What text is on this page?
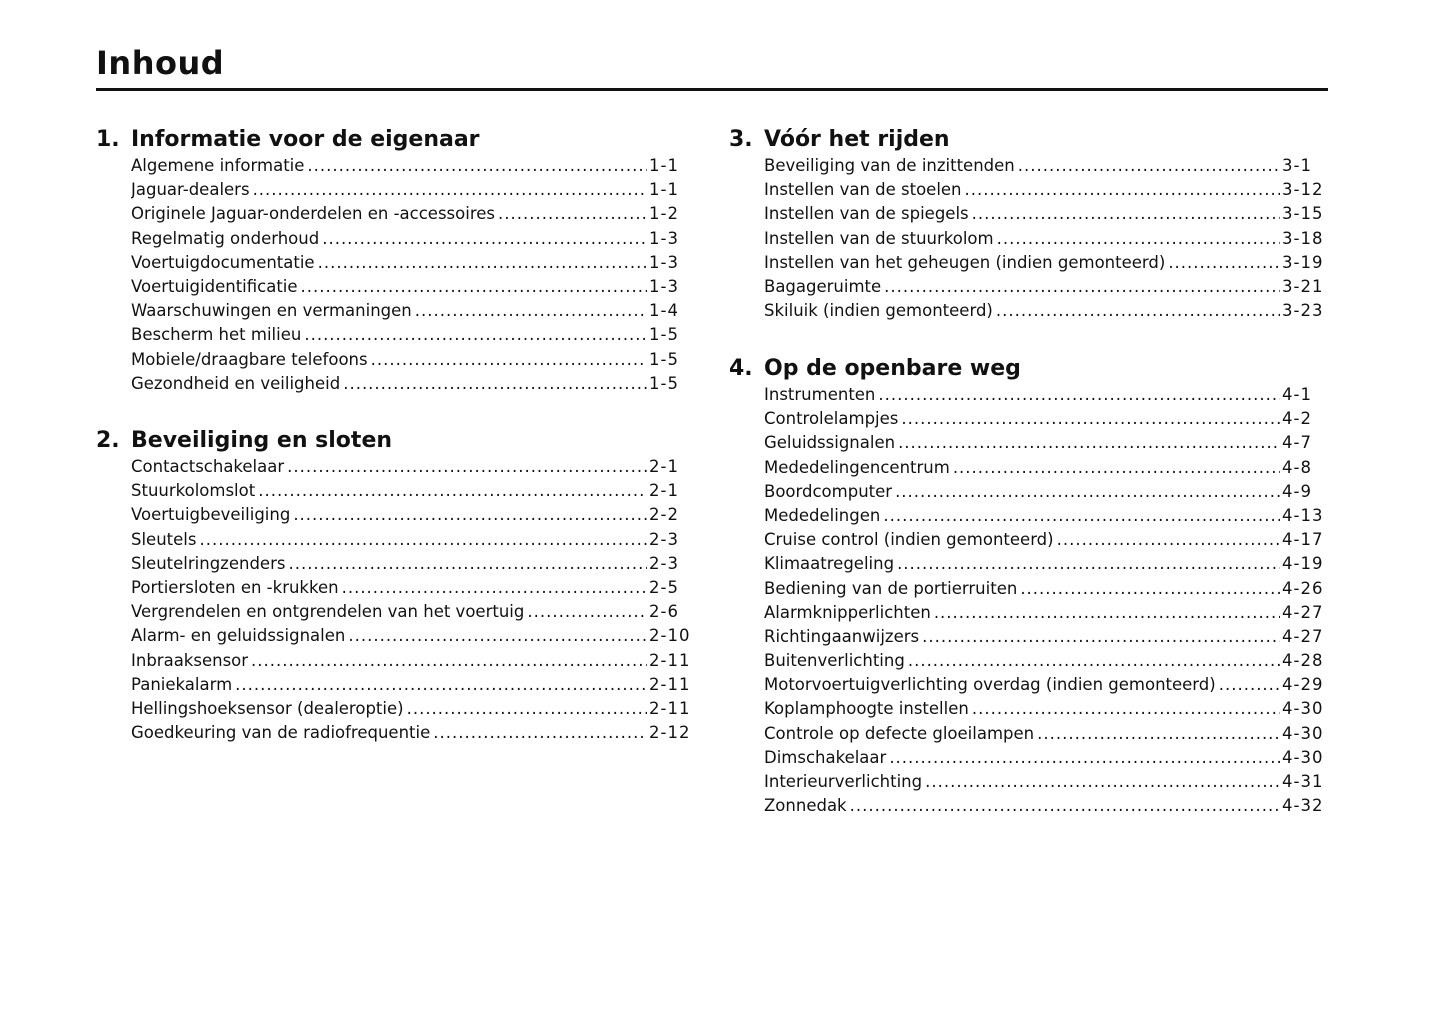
Inhoud
1. Informatie voor de eigenaar
Algemene informatie .....	1-1
Jaguar-dealers .....	1-1
Originele Jaguar-onderdelen en -accessoires .....	1-2
Regelmatig onderhoud .....	1-3
Voertuigdocumentatie .....	1-3
Voertuigidentificatie .....	1-3
Waarschuwingen en vermaningen .....	1-4
Bescherm het milieu .....	1-5
Mobiele/draagbare telefoons .....	1-5
Gezondheid en veiligheid .....	1-5
2. Beveiliging en sloten
Contactschakelaar .....	2-1
Stuurkolomslot .....	2-1
Voertuigbeveiliging .....	2-2
Sleutels .....	2-3
Sleutelringzenders .....	2-3
Portiersloten en -krukken .....	2-5
Vergrendelen en ontgrendelen van het voertuig .....	2-6
Alarm- en geluidssignalen .....	2-10
Inbraaksensor .....	2-11
Paniekalarm .....	2-11
Hellingshoeksensor (dealeroptie) .....	2-11
Goedkeuring van de radiofrequentie .....	2-12
3. Vóór het rijden
Beveiliging van de inzittenden .....	3-1
Instellen van de stoelen .....	3-12
Instellen van de spiegels .....	3-15
Instellen van de stuurkolom .....	3-18
Instellen van het geheugen (indien gemonteerd) .....	3-19
Bagageruimte .....	3-21
Skiluik (indien gemonteerd) .....	3-23
4. Op de openbare weg
Instrumenten .....	4-1
Controlelampjes .....	4-2
Geluidssignalen .....	4-7
Mededelingencentrum .....	4-8
Boordcomputer .....	4-9
Mededelingen .....	4-13
Cruise control (indien gemonteerd) .....	4-17
Klimaatregeling .....	4-19
Bediening van de portierruiten .....	4-26
Alarmknipperlichten .....	4-27
Richtingaanwijzers .....	4-27
Buitenverlichting .....	4-28
Motorvoertuigverlichting overdag (indien gemonteerd) .....	4-29
Koplamphoogte instellen .....	4-30
Controle op defecte gloeilampen .....	4-30
Dimschakelaar .....	4-30
Interieurverlichting .....	4-31
Zonnedak .....	4-32
